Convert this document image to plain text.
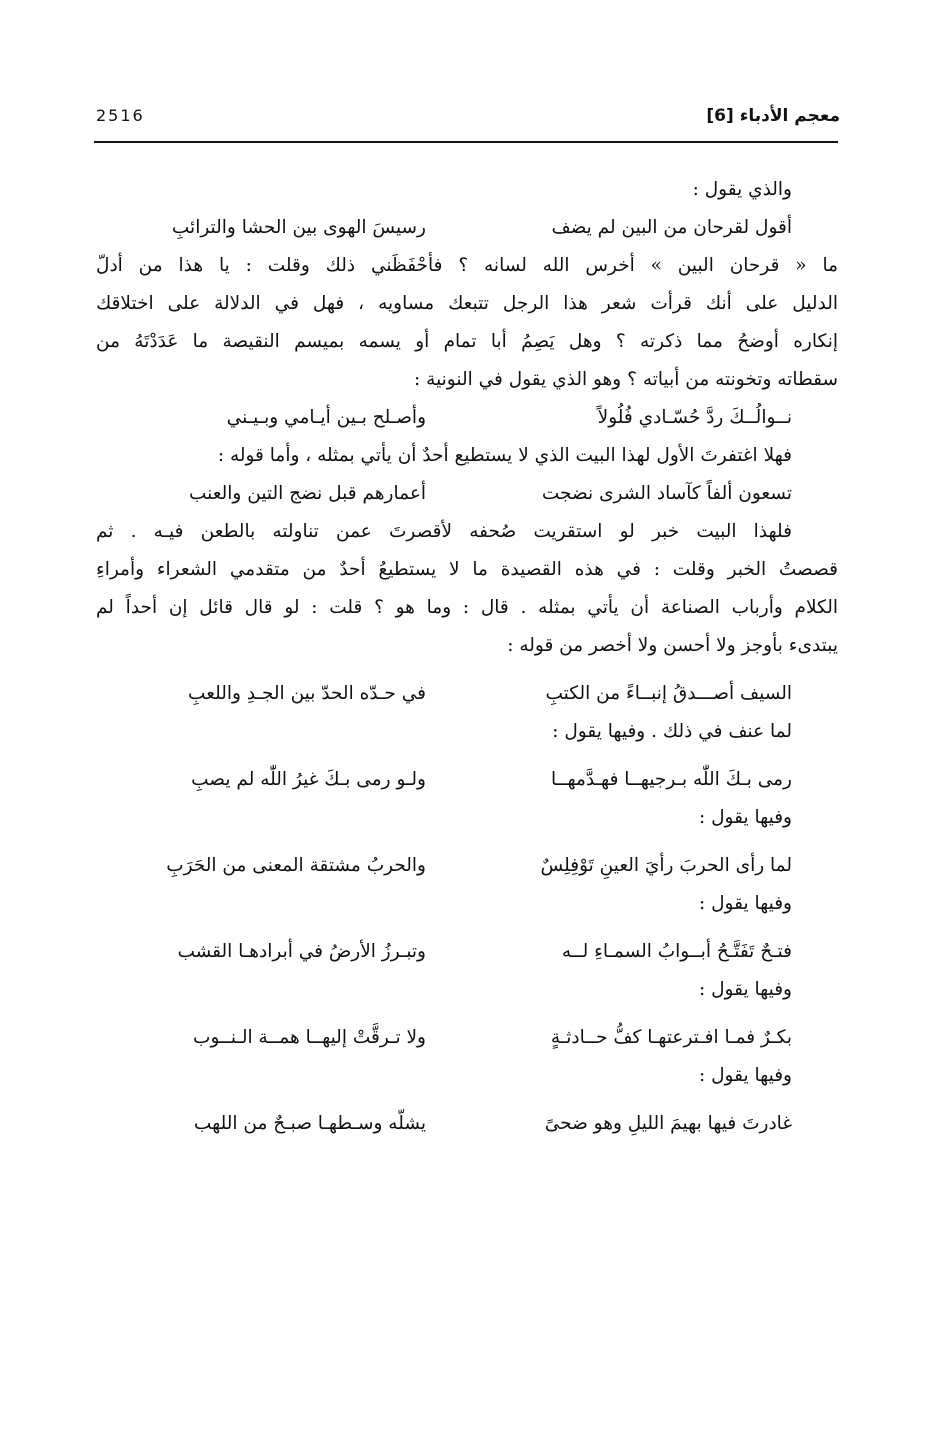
معجم الأدباء [6]
2516
والذي يقول :
أقول لقرحان من البين لم يضف
رسيسَ الهوى بين الحشا والترائبِ
ما « قرحان البين » أخرس الله لسانه ؟ فأحْفَظَني ذلك وقلت : يا هذا من أدلّ
الدليل على أنك قرأت شعر هذا الرجل تتبعك مساويه ، فهل في الدلالة على اختلاقك
إنكاره أوضحُ مما ذكرته ؟ وهل يَصِمُ أبا تمام أو يسمه بميسم النقيصة ما عَدَدْتَهُ من
سقطاته وتخونته من أبياته ؟ وهو الذي يقول في النونية :
نــوالُــكَ ردَّ حُسّـادي فُلُولاً
وأصـلح بـين أيـامي وبـيـني
فهلا اغتفرتَ الأول لهذا البيت الذي لا يستطيع أحدٌ أن يأتي بمثله ، وأما قوله :
تسعون ألفاً كآساد الشرى نضجت
أعمارهم قبل نضج التين والعنب
فلهذا البيت خبر لو استقريت صُحفه لأقصرتَ عمن تناولته بالطعن فيـه . ثم
قصصتُ الخبر وقلت : في هذه القصيدة ما لا يستطيعُ أحدٌ من متقدمي الشعراء وأمراءِ
الكلام وأرباب الصناعة أن يأتي بمثله . قال : وما هو ؟ قلت : لو قال قائل إن أحداً لم
يبتدىء بأوجز ولا أحسن ولا أخصر من قوله :
السيف أصـــدقُ إنبــاءً من الكتبِ
في حـدّه الحدّ بين الجـدِ واللعبِ
لما عنف في ذلك . وفيها يقول :
رمى بـكَ اللّٰه بـرجيهــا فهـدَّمهــا
ولـو رمى بـكَ غيرُ اللّٰه لم يصبِ
وفيها يقول :
لما رأى الحربَ رأيَ العينِ تَوْفِلِسٌ
والحربُ مشتقة المعنى من الحَرَبِ
وفيها يقول :
فتـحٌ تَفَتَّـحُ أبــوابُ السمـاءِ لــه
وتبـرزُ الأرضُ في أبرادهـا القشب
وفيها يقول :
بكـرٌ فمـا افـترعتهـا كفُّ حــادثـةٍ
ولا تـرقَّتْ إليهــا همــة الـنــوب
وفيها يقول :
غادرتَ فيها بهيمَ الليلِ وهو ضحىً
يشلّه وسـطهـا صبـحٌ من اللهب
